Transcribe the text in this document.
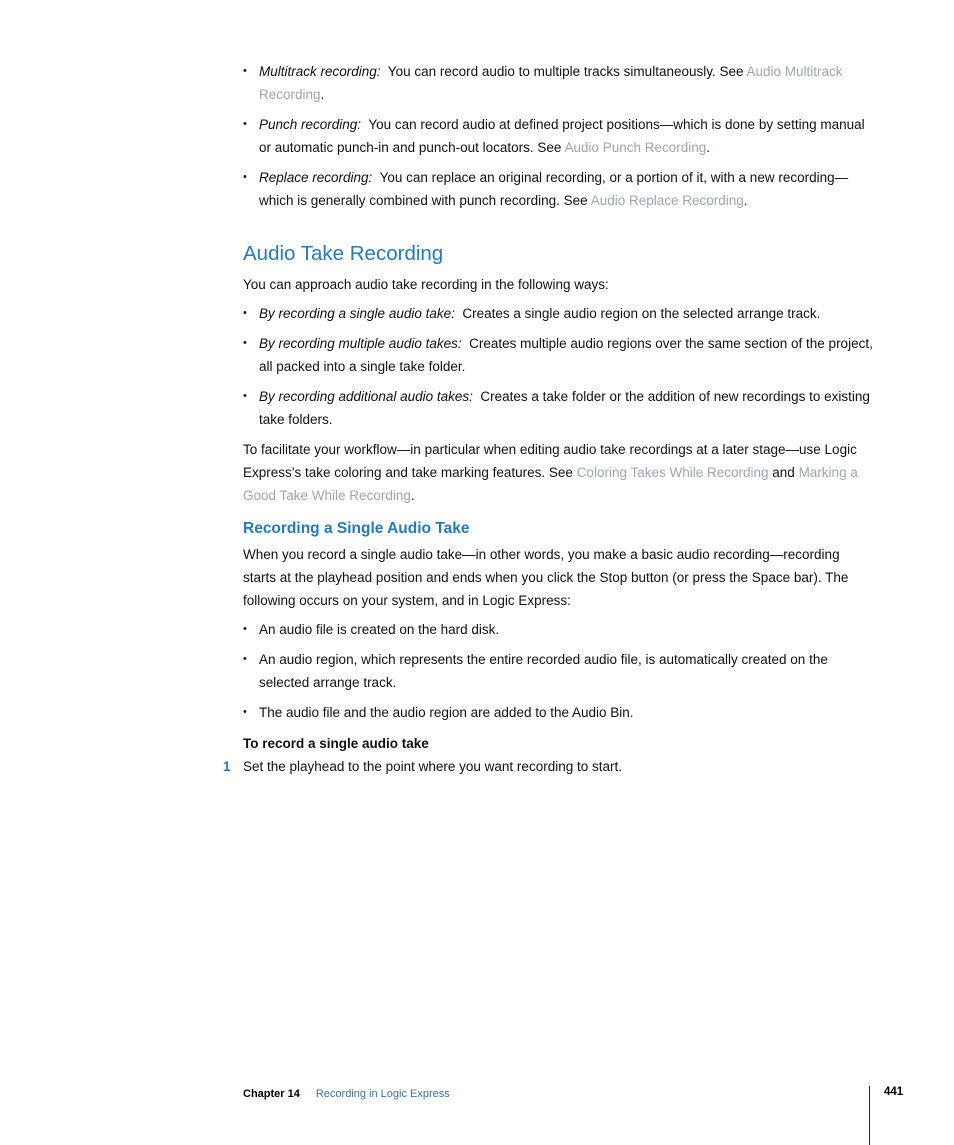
• Multitrack recording:  You can record audio to multiple tracks simultaneously. See Audio Multitrack Recording.
• Punch recording:  You can record audio at defined project positions—which is done by setting manual or automatic punch-in and punch-out locators. See Audio Punch Recording.
• Replace recording:  You can replace an original recording, or a portion of it, with a new recording—which is generally combined with punch recording. See Audio Replace Recording.
Audio Take Recording
You can approach audio take recording in the following ways:
• By recording a single audio take:  Creates a single audio region on the selected arrange track.
• By recording multiple audio takes:  Creates multiple audio regions over the same section of the project, all packed into a single take folder.
• By recording additional audio takes:  Creates a take folder or the addition of new recordings to existing take folders.
To facilitate your workflow—in particular when editing audio take recordings at a later stage—use Logic Express’s take coloring and take marking features. See Coloring Takes While Recording and Marking a Good Take While Recording.
Recording a Single Audio Take
When you record a single audio take—in other words, you make a basic audio recording—recording starts at the playhead position and ends when you click the Stop button (or press the Space bar). The following occurs on your system, and in Logic Express:
• An audio file is created on the hard disk.
• An audio region, which represents the entire recorded audio file, is automatically created on the selected arrange track.
• The audio file and the audio region are added to the Audio Bin.
To record a single audio take
1 Set the playhead to the point where you want recording to start.
Chapter 14 Recording in Logic Express	441
